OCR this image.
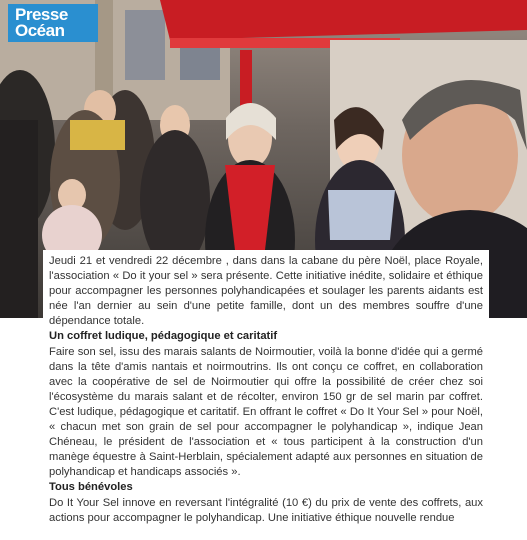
Presse
Océan

Jeudi 21 et vendredi 22 décembre , dans dans la cabane du père Noël, place Royale, l'association « Do it your sel » sera présente. Cette initiative inédite, solidaire et éthique pour accompagner les personnes polyhandicapées et soulager les parents aidants est née l'an dernier au sein d'une petite famille, dont un des membres souffre d'une dépendance totale.

Un coffret ludique, pédagogique et caritatif

Faire son sel, issu des marais salants de Noirmoutier, voilà la bonne d'idée qui a germé dans la tête d'amis nantais et noirmoutrins. Ils ont conçu ce coffret, en collaboration avec la coopérative de sel de Noirmoutier qui offre la possibilité de créer chez soi l'écosystème du marais salant et de récolter, environ 150 gr de sel marin par coffret. C'est ludique, pédagogique et caritatif. En offrant le coffret « Do It Your Sel » pour Noël, « chacun met son grain de sel pour accompagner le polyhandicap », indique Jean Chéneau, le président de l'association et « tous participent à la construction d'un manège équestre à Saint-Herblain, spécialement adapté aux personnes en situation de polyhandicap et handicaps associés ».

Tous bénévoles

Do It Your Sel innove en reversant l'intégralité (10 €) du prix de vente des coffrets, aux actions pour accompagner le polyhandicap. Une initiative éthique nouvelle rendue
